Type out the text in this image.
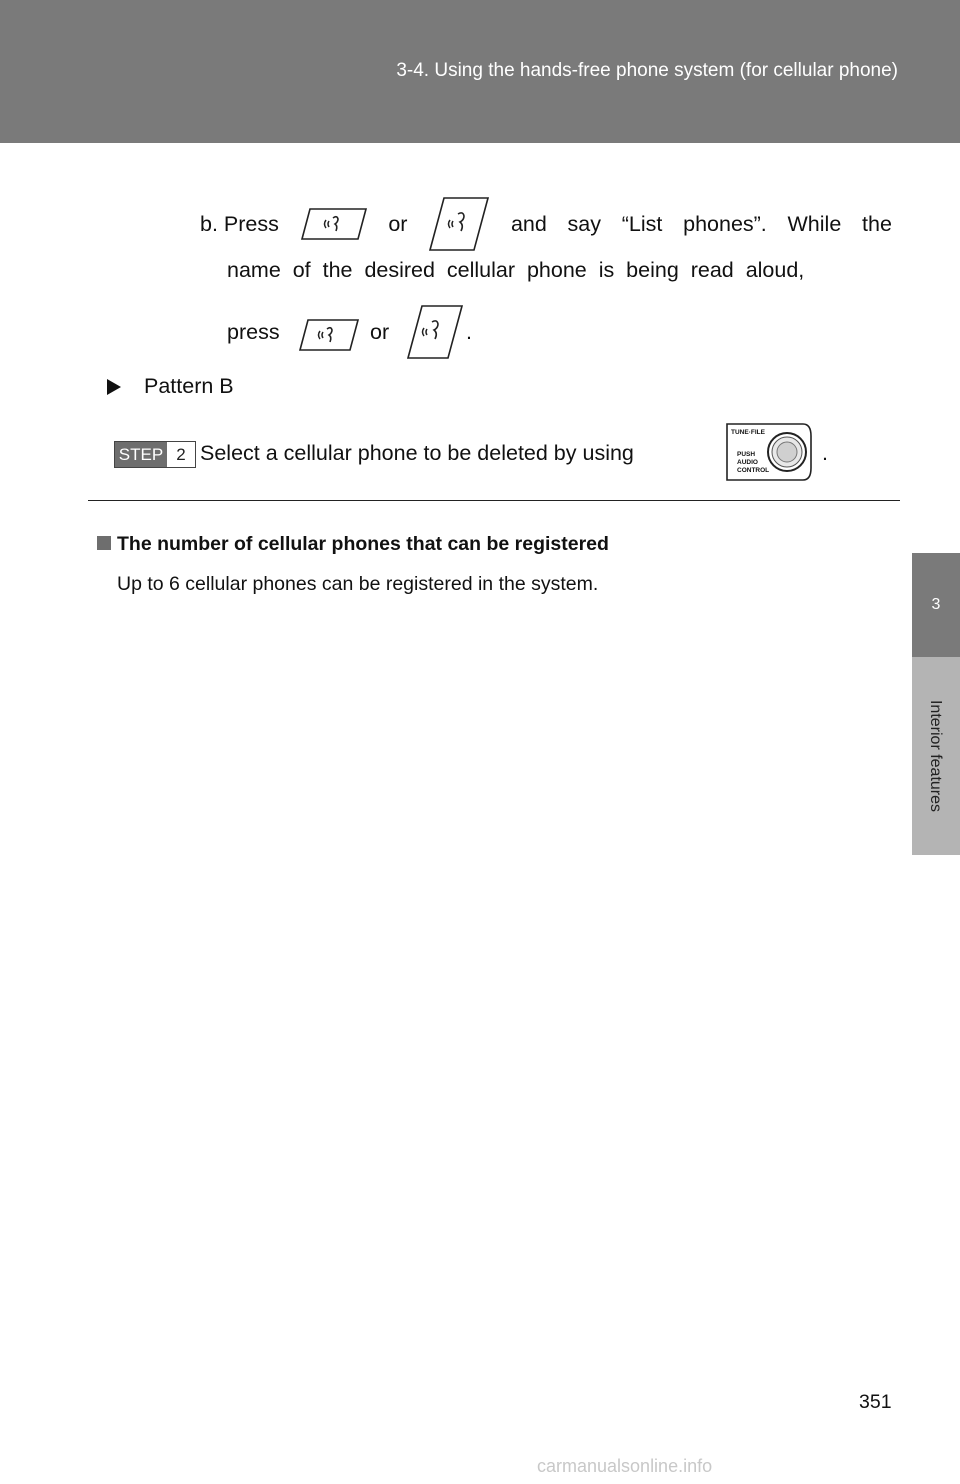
3-4. Using the hands-free phone system (for cellular phone)
3
Interior features
b. Press	or	and say “List phones”. While the
name  of  the  desired  cellular  phone  is  being  read  aloud,
press	or	.
Pattern B
STEP 2 Select a cellular phone to be deleted by using
TUNE·FILE
PUSH
AUDIO
CONTROL
.
The number of cellular phones that can be registered
Up to 6 cellular phones can be registered in the system.
351
carmanualsonline.info
